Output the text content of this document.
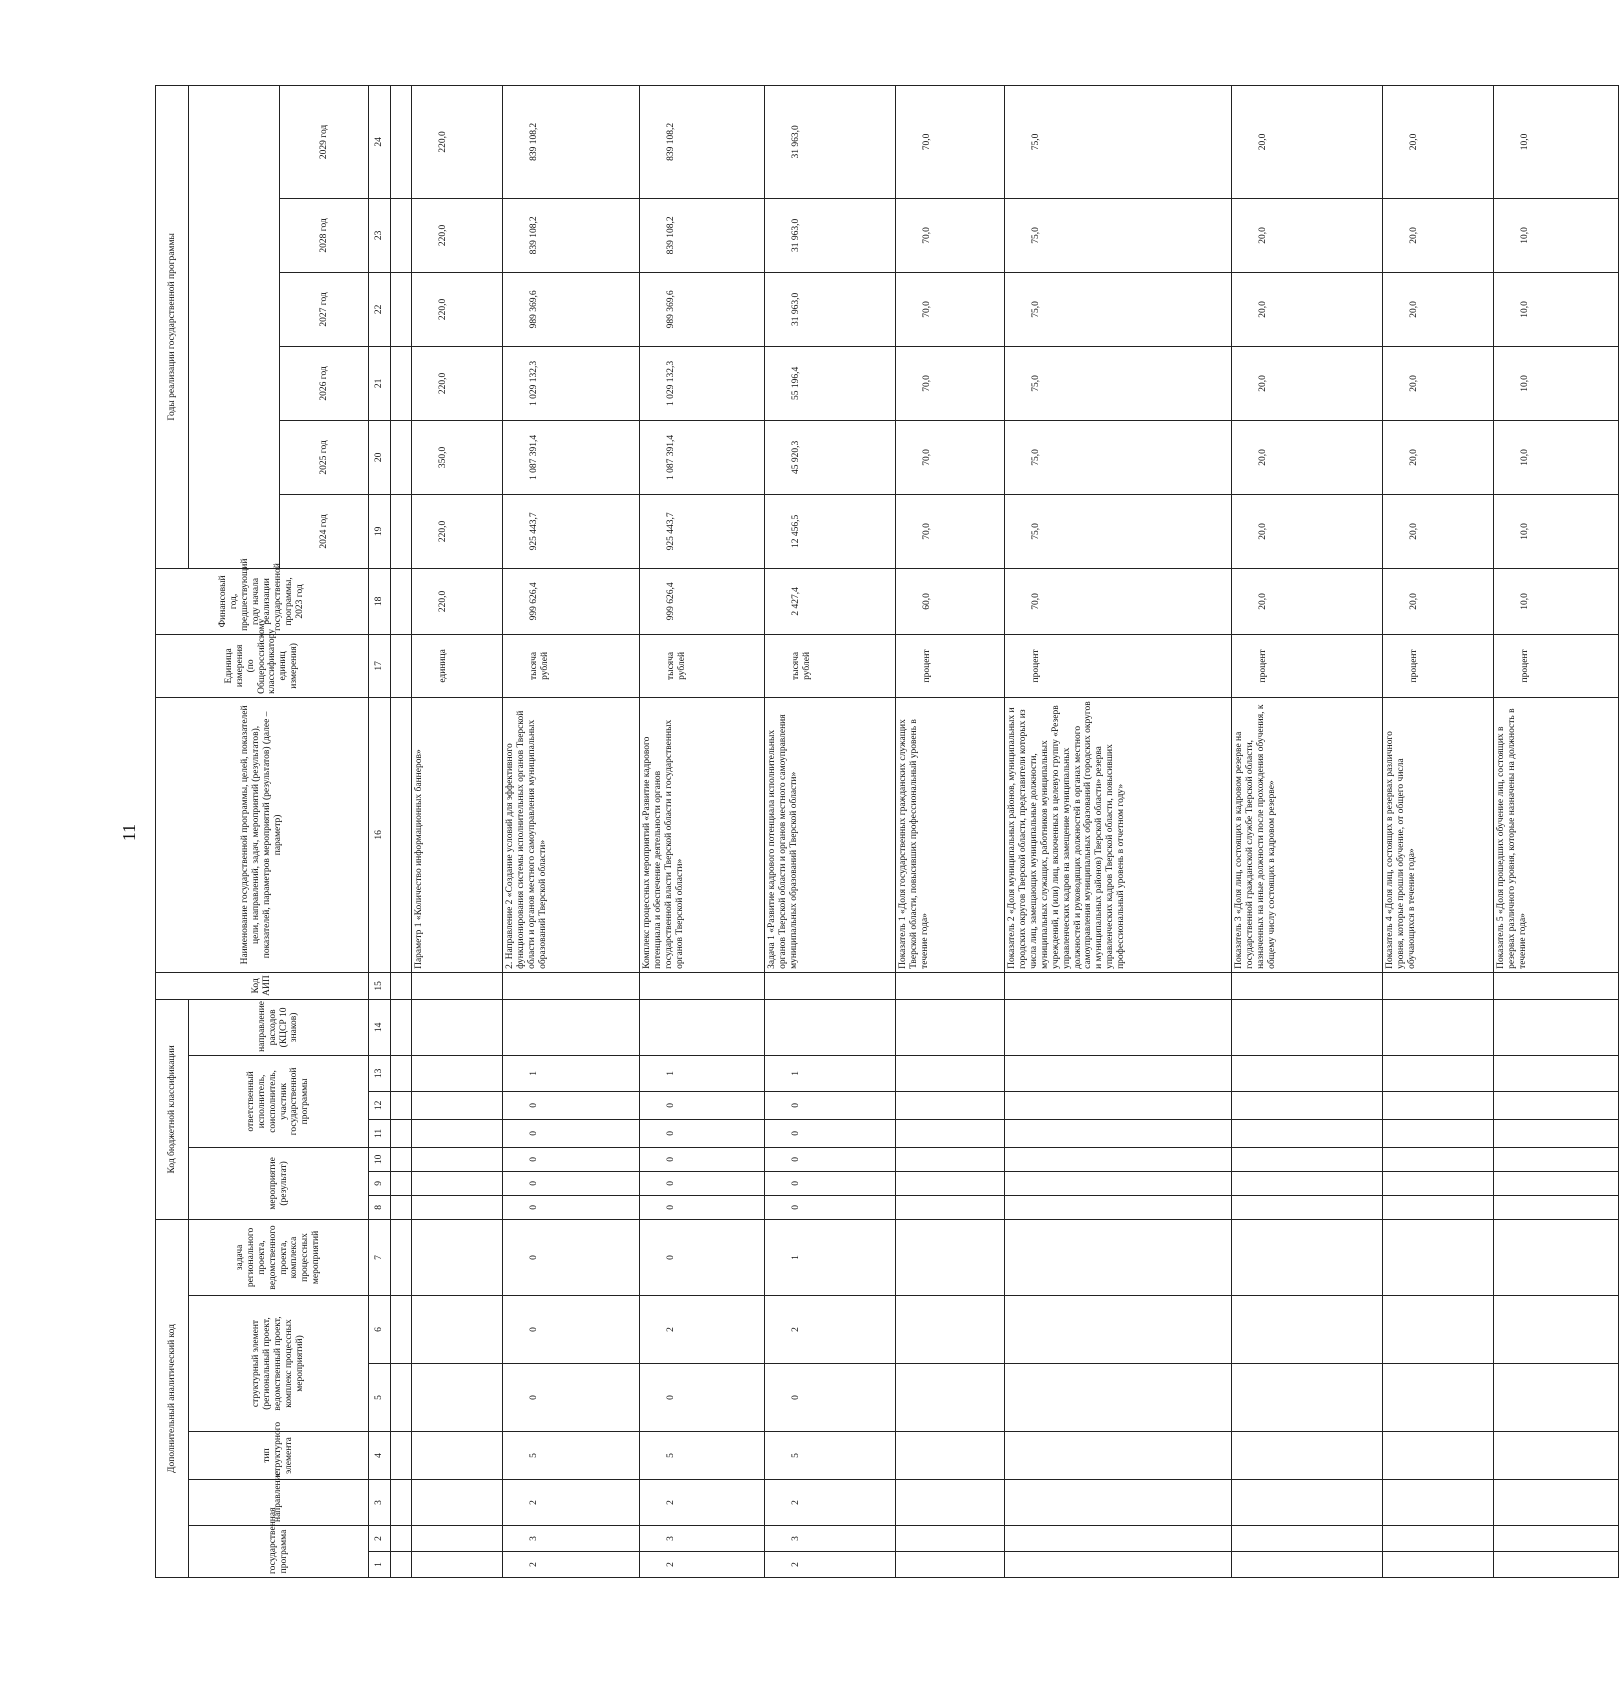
11
Дополнительный аналитический код							Код бюджетной классификации							Код АИП	Наименование государственной программы, целей, показателей цели, направлений, задач, мероприятий (результатов), показателей, параметров мероприятий (результатов) (далее – параметр)	Единица измерения (по Общероссийскому классификатору единиц измерения)	Финансовый год, предшествующий году начала реализации государственной программы, 2023 год	Годы реализации государственной программы					
государственная программа		направление	тип структурного элемента	структурный элемент (региональный проект, ведомственный проект, комплекс процессных мероприятий)		задача регионального проекта, ведомственного проекта, комплекса процессных мероприятий	мероприятие (результат)			ответственный исполнитель, соисполнитель, участник государственной программы			направление расходов (КЦСР 10 знаков)										
																		2024 год	2025 год	2026 год	2027 год	2028 год	2029 год
1	2	3	4	5	6	7	8	9	10	11	12	13	14	15	16	17	18	19	20	21	22	23	24

															Параметр 1 «Количество информационных баннеров»	единица	220,0	220,0	350,0	220,0	220,0	220,0	220,0
2	3	2	5	0	0	0	0	0	0	0	0	1			2. Направление 2 «Создание условий для эффективного функционирования системы исполнительных органов Тверской области и органов местного самоуправления муниципальных образований Тверской области»	тысяча рублей	999 626,4	925 443,7	1 087 391,4	1 029 132,3	989 369,6	839 108,2	839 108,2
2	3	2	5	0	2	0	0	0	0	0	0	1			Комплекс процессных мероприятий «Развитие кадрового потенциала и обеспечение деятельности органов государственной власти Тверской области и государственных органов Тверской области»	тысяча рублей	999 626,4	925 443,7	1 087 391,4	1 029 132,3	989 369,6	839 108,2	839 108,2
2	3	2	5	0	2	1	0	0	0	0	0	1			Задача 1 «Развитие кадрового потенциала исполнительных органов Тверской области и органов местного самоуправления муниципальных образований Тверской области»	тысяча рублей	2 427,4	12 456,5	45 920,3	55 196,4	31 963,0	31 963,0	31 963,0
															Показатель 1 «Доля государственных гражданских служащих Тверской области, повысивших профессиональный уровень в течение года»	процент	60,0	70,0	70,0	70,0	70,0	70,0	70,0
															Показатель 2 «Доля муниципальных районов, муниципальных и городских округов Тверской области, представители которых из числа лиц, замещающих муниципальные должности, муниципальных служащих, работников муниципальных учреждений, и (или) лиц, включенных в целевую группу «Резерв управленческих кадров на замещение муниципальных должностей и руководящих должностей в органах местного самоуправления муниципальных образований (городских округов и муниципальных районов) Тверской области» резерва управленческих кадров Тверской области, повысивших профессиональный уровень в отчетном году»	процент	70,0	75,0	75,0	75,0	75,0	75,0	75,0
															Показатель 3 «Доля лиц, состоящих в кадровом резерве на государственной гражданской службе Тверской области, назначенных на иные должности после прохождения обучения, к общему числу состоящих в кадровом резерве»	процент	20,0	20,0	20,0	20,0	20,0	20,0	20,0
															Показатель 4 «Доля лиц, состоящих в резервах различного уровня, которые прошли обучение, от общего числа обучающихся в течение года»	процент	20,0	20,0	20,0	20,0	20,0	20,0	20,0
															Показатель 5 «Доля прошедших обучение лиц, состоящих в резервах различного уровня, которые назначены на должность в течение года»	процент	10,0	10,0	10,0	10,0	10,0	10,0	10,0
